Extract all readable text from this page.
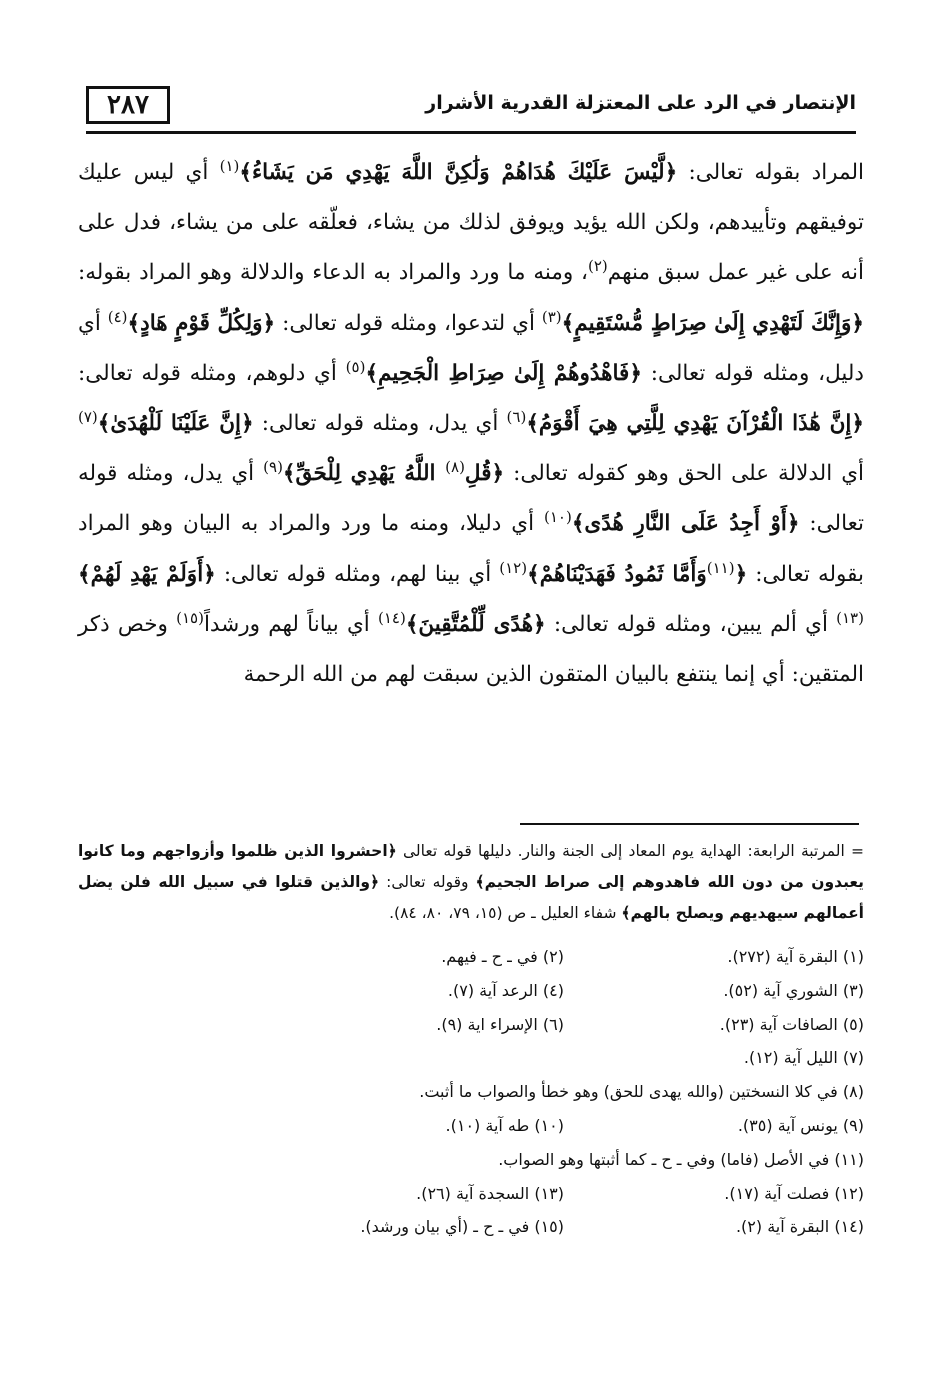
٢٨٧	الإنتصار في الرد على المعتزلة القدرية الأشرار
المراد بقوله تعالى: ﴿لَّيْسَ عَلَيْكَ هُدَاهُمْ وَلَٰكِنَّ اللَّهَ يَهْدِي مَن يَشَاءُ﴾$^{(١)}$ أي ليس عليك توفيقهم وتأييدهم، ولكن الله يؤيد ويوفق لذلك من يشاء، فعلّقه على من يشاء، فدل على أنه على غير عمل سبق منهم$^{(٢)}$، ومنه ما ورد والمراد به الدعاء والدلالة وهو المراد بقوله: ﴿وَإِنَّكَ لَتَهْدِي إِلَىٰ صِرَاطٍ مُّسْتَقِيمٍ﴾$^{(٣)}$ أي لتدعوا، ومثله قوله تعالى: ﴿وَلِكُلِّ قَوْمٍ هَادٍ﴾$^{(٤)}$ أي دليل، ومثله قوله تعالى: ﴿فَاهْدُوهُمْ إِلَىٰ صِرَاطِ الْجَحِيمِ﴾$^{(٥)}$ أي دلوهم، ومثله قوله تعالى: ﴿إِنَّ هَٰذَا الْقُرْآنَ يَهْدِي لِلَّتِي هِيَ أَقْوَمُ﴾$^{(٦)}$ أي يدل، ومثله قوله تعالى: ﴿إِنَّ عَلَيْنَا لَلْهُدَىٰ﴾$^{(٧)}$ أي الدلالة على الحق وهو كقوله تعالى: ﴿قُلِ$^{(٨)}$ اللَّهُ يَهْدِي لِلْحَقِّ﴾$^{(٩)}$ أي يدل، ومثله قوله تعالى: ﴿أَوْ أَجِدُ عَلَى النَّارِ هُدًى﴾$^{(١٠)}$ أي دليلا، ومنه ما ورد والمراد به البيان وهو المراد بقوله تعالى: ﴿$^{(١١)}$وَأَمَّا ثَمُودُ فَهَدَيْنَاهُمْ﴾$^{(١٢)}$ أي بينا لهم، ومثله قوله تعالى: ﴿أَوَلَمْ يَهْدِ لَهُمْ﴾$^{(١٣)}$ أي ألم يبين، ومثله قوله تعالى: ﴿هُدًى لِّلْمُتَّقِينَ﴾$^{(١٤)}$ أي بياناً لهم ورشداً$^{(١٥)}$ وخص ذكر المتقين: أي إنما ينتفع بالبيان المتقون الذين سبقت لهم من الله الرحمة
= المرتبة الرابعة: الهداية يوم المعاد إلى الجنة والنار. دليلها قوله تعالى ﴿احشروا الذين ظلموا وأزواجهم وما كانوا يعبدون من دون الله فاهدوهم إلى صراط الجحيم﴾ وقوله تعالى: ﴿والذين قتلوا في سبيل الله فلن يضل أعمالهم سيهديهم ويصلح بالهم﴾ شفاء العليل ـ ص (١٥، ٧٩، ٨٠، ٨٤).
(١) البقرة آية (٢٧٢).
(٢) في ـ ح ـ فيهم.
(٣) الشوري آية (٥٢).
(٤) الرعد آية (٧).
(٥) الصافات آية (٢٣).
(٦) الإسراء اية (٩).
(٧) الليل آية (١٢).
(٨) في كلا النسختين (والله يهدى للحق) وهو خطأ والصواب ما أثبت.
(٩) يونس آية (٣٥).
(١٠) طه آية (١٠).
(١١) في الأصل (فاما) وفي ـ ح ـ كما أثبتها وهو الصواب.
(١٢) فصلت آية (١٧).
(١٣) السجدة آية (٢٦).
(١٤) البقرة آية (٢).
(١٥) في ـ ح ـ (أي بيان ورشد).
